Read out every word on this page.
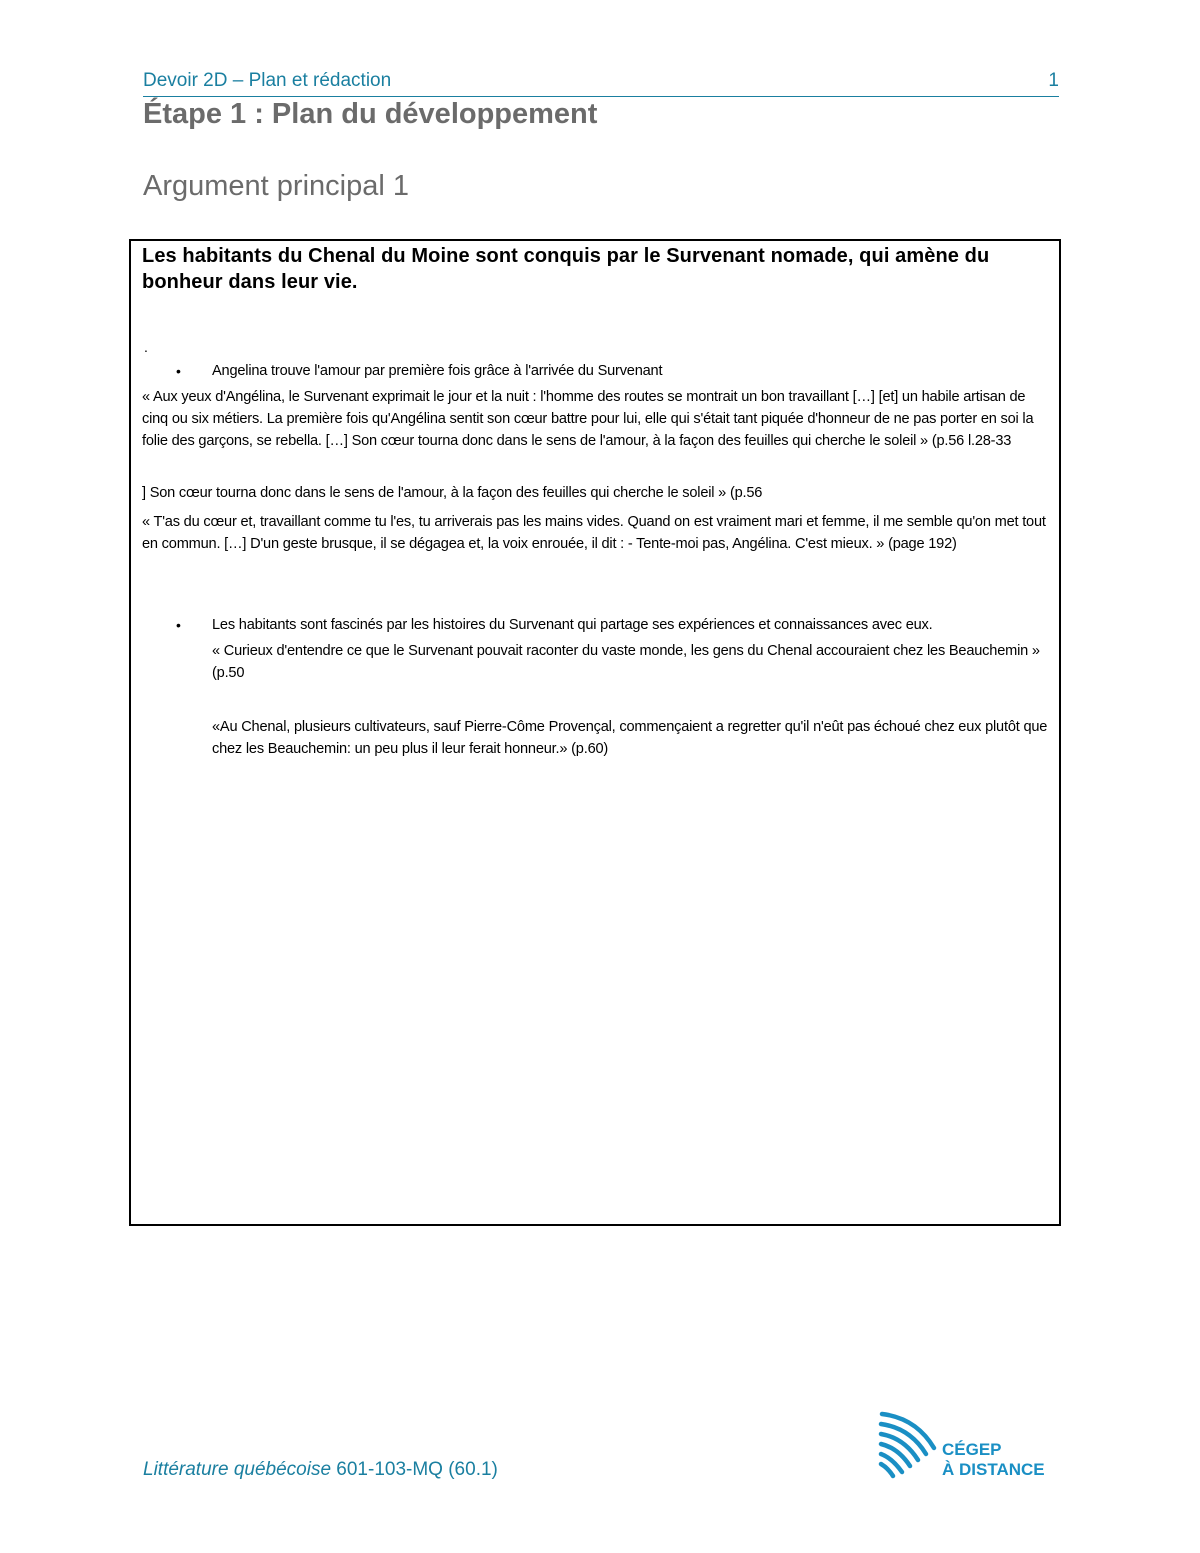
Devoir 2D – Plan et rédaction	1
Étape 1 : Plan du développement
Argument principal 1
Les habitants du Chenal du Moine sont conquis par le Survenant nomade, qui amène du bonheur dans leur vie.
.
• Angelina trouve l'amour par première fois grâce à l'arrivée du Survenant
« Aux yeux d'Angélina, le Survenant exprimait le jour et la nuit : l'homme des routes se montrait un bon travaillant […] [et] un habile artisan de cinq ou six métiers. La première fois qu'Angélina sentit son cœur battre pour lui, elle qui s'était tant piquée d'honneur de ne pas porter en soi la folie des garçons, se rebella. […] Son cœur tourna donc dans le sens de l'amour, à la façon des feuilles qui cherche le soleil » (p.56 l.28-33
] Son cœur tourna donc dans le sens de l'amour, à la façon des feuilles qui cherche le soleil » (p.56
« T'as du cœur et, travaillant comme tu l'es, tu arriverais pas les mains vides. Quand on est vraiment mari et femme, il me semble qu'on met tout en commun. […] D'un geste brusque, il se dégagea et, la voix enrouée, il dit : - Tente-moi pas, Angélina. C'est mieux. » (page 192)
• Les habitants sont fascinés par les histoires du Survenant qui partage ses expériences et connaissances avec eux.
« Curieux d'entendre ce que le Survenant pouvait raconter du vaste monde, les gens du Chenal accouraient chez les Beauchemin » (p.50
«Au Chenal, plusieurs cultivateurs, sauf Pierre-Côme Provençal, commençaient a regretter qu'il n'eût pas échoué chez eux plutôt que chez les Beauchemin: un peu plus il leur ferait honneur.» (p.60)
Littérature québécoise 601-103-MQ (60.1)
CÉGEP
À DISTANCE
